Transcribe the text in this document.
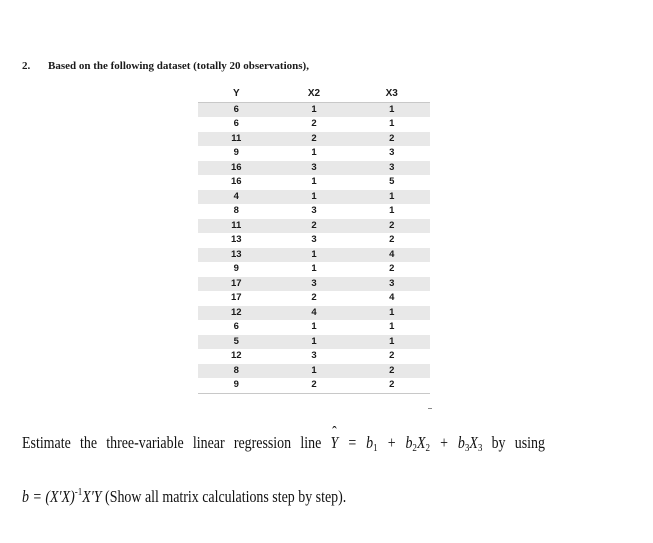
2. Based on the following dataset (totally 20 observations),
Y	X2	X3
6	1	1
6	2	1
11	2	2
9	1	3
16	3	3
16	1	5
4	1	1
8	3	1
11	2	2
13	3	2
13	1	4
9	1	2
17	3	3
17	2	4
12	4	1
6	1	1
5	1	1
12	3	2
8	1	2
9	2	2
Estimate the three-variable linear regression line ˆ $Y = b_1 + b_2X_2 + b_3X_3$ by using
$b = (X'X)^{-1}X'Y$ (Show all matrix calculations step by step).
